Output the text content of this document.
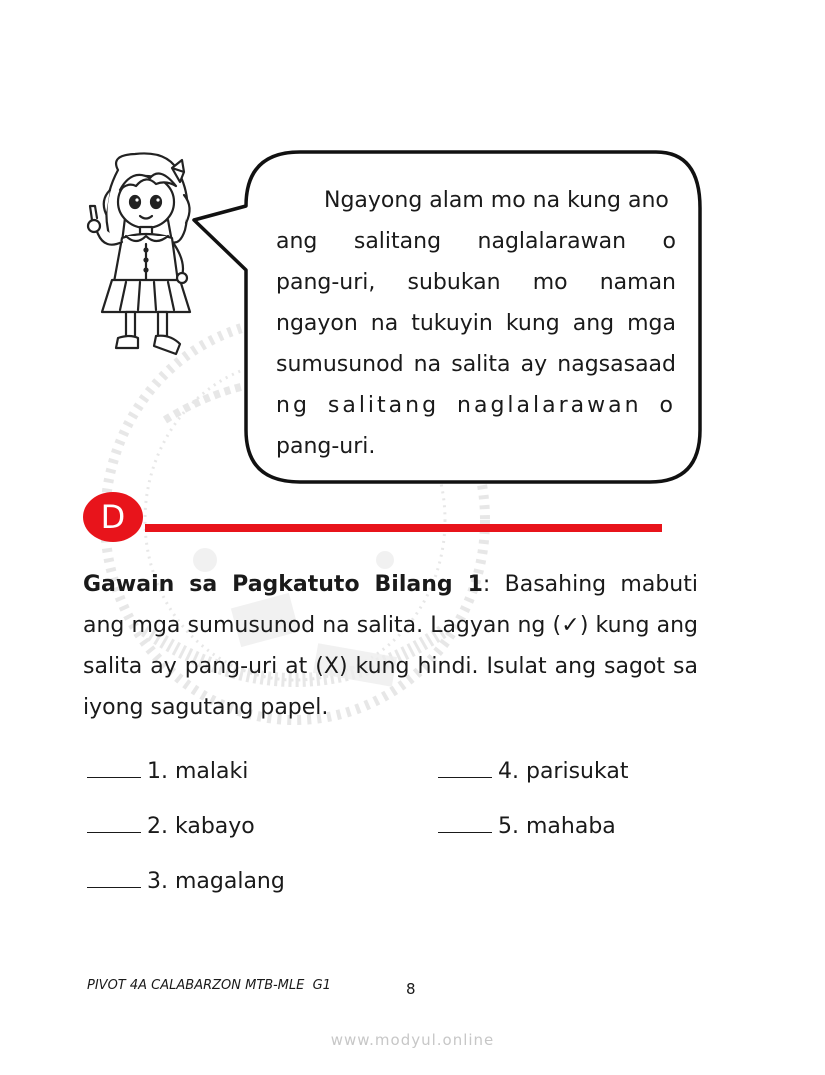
Ngayong alam mo na kung ano

ang salitang naglalarawan o

pang-uri, subukan mo naman

ngayon na tukuyin kung ang mga

sumusunod na salita ay nagsasaad

ng salitang naglalarawan o

pang-uri.

D
Gawain sa Pagkatuto Bilang 1: Basahing mabuti ang mga sumusunod na salita. Lagyan ng (✓) kung ang salita ay pang-uri at (X) kung hindi. Isulat ang sagot sa iyong sagutang papel.
1. malaki
2. kabayo
3. magalang
4. parisukat
5. mahaba
PIVOT 4A CALABARZON MTB-MLE  G1	8
www.modyul.online
